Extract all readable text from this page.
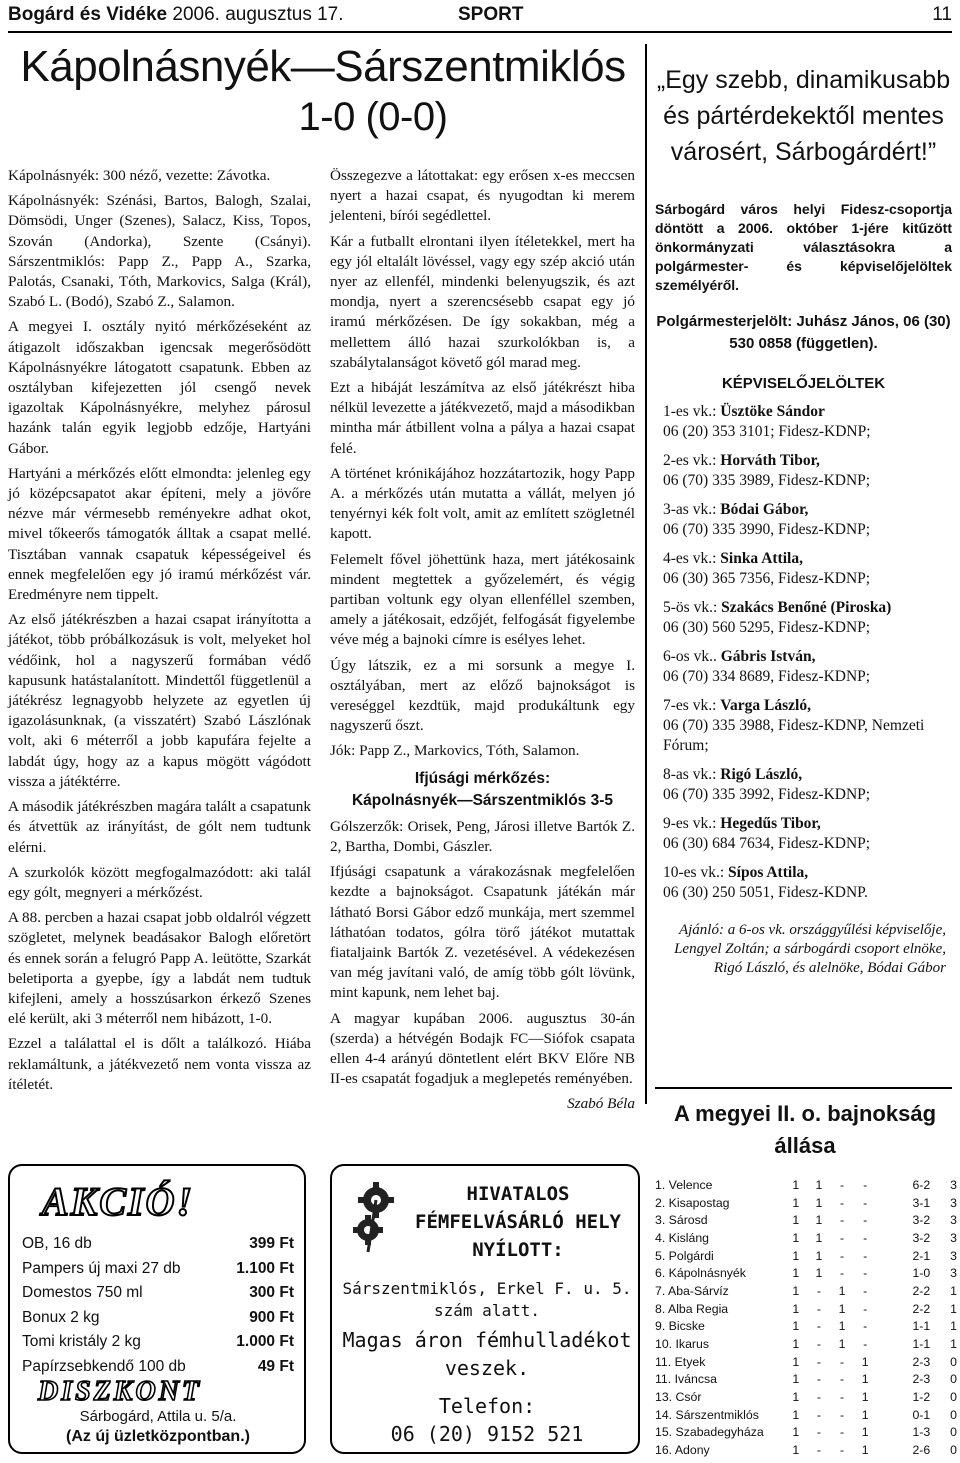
Bogárd és Vidéke 2006. augusztus 17.	SPORT	11
Kápolnásnyék—Sárszentmiklós
1-0 (0-0)

Kápolnásnyék: 300 néző, vezette: Závotka.

Kápolnásnyék: Szénási, Bartos, Balogh, Szalai, Dömsödi, Unger (Szenes), Salacz, Kiss, Topos, Szován (Andorka), Szente (Csányi). Sárszentmiklós: Papp Z., Papp A., Szarka, Palotás, Csanaki, Tóth, Markovics, Salga (Král), Szabó L. (Bodó), Szabó Z., Salamon.

A megyei I. osztály nyitó mérkőzéseként az átigazolt időszakban igencsak megerősödött Kápolnásnyékre látogatott csapatunk. Ebben az osztályban kifejezetten jól csengő nevek igazoltak Kápolnásnyékre, melyhez párosul hazánk talán egyik legjobb edzője, Hartyáni Gábor.

Hartyáni a mérkőzés előtt elmondta: jelenleg egy jó középcsapatot akar építeni, mely a jövőre nézve már vérmesebb reményekre adhat okot, mivel tőkeerős támogatók álltak a csapat mellé. Tisztában vannak csapatuk képességeivel és ennek megfelelően egy jó iramú mérkőzést vár. Eredményre nem tippelt.

Az első játékrészben a hazai csapat irányította a játékot, több próbálkozásuk is volt, melyeket hol védőink, hol a nagyszerű formában védő kapusunk hatástalanított. Mindettől függetlenül a játékrész legnagyobb helyzete az egyetlen új igazolásunknak, (a visszatért) Szabó Lászlónak volt, aki 6 méterről a jobb kapufára fejelte a labdát úgy, hogy az a kapus mögött vágódott vissza a játéktérre.

A második játékrészben magára talált a csapatunk és átvettük az irányítást, de gólt nem tudtunk elérni.

A szurkolók között megfogalmazódott: aki talál egy gólt, megnyeri a mérkőzést.

A 88. percben a hazai csapat jobb oldalról végzett szögletet, melynek beadásakor Balogh előretört és ennek során a felugró Papp A. leütötte, Szarkát beletiporta a gyepbe, így a labdát nem tudtuk kifejleni, amely a hosszúsarkon érkező Szenes elé került, aki 3 méterről nem hibázott, 1-0.

Ezzel a találattal el is dőlt a találkozó. Hiába reklamáltunk, a játékvezető nem vonta vissza az ítéletét.

Összegezve a látottakat: egy erősen x-es meccsen nyert a hazai csapat, és nyugodtan ki merem jelenteni, bírói segédlettel.

Kár a futballt elrontani ilyen ítéletekkel, mert ha egy jól eltalált lövéssel, vagy egy szép akció után nyer az ellenfél, mindenki belenyugszik, és azt mondja, nyert a szerencsésebb csapat egy jó iramú mérkőzésen. De így sokakban, még a mellettem álló hazai szurkolókban is, a szabálytalanságot követő gól marad meg.

Ezt a hibáját leszámítva az első játékrészt hiba nélkül levezette a játékvezető, majd a másodikban mintha már átbillent volna a pálya a hazai csapat felé.

A történet krónikájához hozzátartozik, hogy Papp A. a mérkőzés után mutatta a vállát, melyen jó tenyérnyi kék folt volt, amit az említett szögletnél kapott.

Felemelt fővel jöhettünk haza, mert játékosaink mindent megtettek a győzelemért, és végig partiban voltunk egy olyan ellenféllel szemben, amely a játékosait, edzőjét, felfogását figyelembe véve még a bajnoki címre is esélyes lehet.

Úgy látszik, ez a mi sorsunk a megye I. osztályában, mert az előző bajnokságot is vereséggel kezdtük, majd produkáltunk egy nagyszerű őszt.

Jók: Papp Z., Markovics, Tóth, Salamon.

Ifjúsági mérkőzés:
Kápolnásnyék—Sárszentmiklós 3-5

Gólszerzők: Orisek, Peng, Járosi illetve Bartók Z. 2, Bartha, Dombi, Gászler.

Ifjúsági csapatunk a várakozásnak megfelelően kezdte a bajnokságot. Csapatunk játékán már látható Borsi Gábor edző munkája, mert szemmel láthatóan todatos, gólra törő játékot mutattak fiataljaink Bartók Z. vezetésével. A védekezésen van még javítani való, de amíg több gólt lövünk, mint kapunk, nem lehet baj.

A magyar kupában 2006. augusztus 30-án (szerda) a hétvégén Bodajk FC—Siófok csapata ellen 4-4 arányú döntetlent elért BKV Előre NB II-es csapatát fogadjuk a meglepetés reményében.

Szabó Béla

„Egy szebb, dinamikusabb és pártérdekektől mentes városért, Sárbogárdért!”
Sárbogárd város helyi Fidesz-csoportja döntött a 2006. október 1-jére kitűzött önkormányzati választásokra a polgármester- és képviselőjelöltek személyéről.
Polgármesterjelölt: Juhász János, 06 (30) 530 0858 (független).
KÉPVISELŐJELÖLTEK
1-es vk.: Üsztöke Sándor
06 (20) 353 3101; Fidesz-KDNP;
2-es vk.: Horváth Tibor,
06 (70) 335 3989, Fidesz-KDNP;
3-as vk.: Bódai Gábor,
06 (70) 335 3990, Fidesz-KDNP;
4-es vk.: Sinka Attila,
06 (30) 365 7356, Fidesz-KDNP;
5-ös vk.: Szakács Benőné (Piroska)
06 (30) 560 5295, Fidesz-KDNP;
6-os vk.. Gábris István,
06 (70) 334 8689, Fidesz-KDNP;
7-es vk.: Varga László,
06 (70) 335 3988, Fidesz-KDNP, Nemzeti Fórum;
8-as vk.: Rigó László,
06 (70) 335 3992, Fidesz-KDNP;
9-es vk.: Hegedűs Tibor,
06 (30) 684 7634, Fidesz-KDNP;
10-es vk.: Sípos Attila,
06 (30) 250 5051, Fidesz-KDNP.
Ajánló: a 6-os vk. országgyűlési képviselője, Lengyel Zoltán; a sárbogárdi csoport elnöke, Rigó László, és alelnöke, Bódai Gábor
A megyei II. o. bajnokság állása
1. Velence	1	1	-	-	6-2	3
2. Kisapostag	1	1	-	-	3-1	3
3. Sárosd	1	1	-	-	3-2	3
4. Kisláng	1	1	-	-	3-2	3
5. Polgárdi	1	1	-	-	2-1	3
6. Kápolnásnyék	1	1	-	-	1-0	3
7. Aba-Sárvíz	1	-	1	-	2-2	1
8. Alba Regia	1	-	1	-	2-2	1
9. Bicske	1	-	1	-	1-1	1
10. Ikarus	1	-	1	-	1-1	1
11. Etyek	1	-	-	1	2-3	0
11. Iváncsa	1	-	-	1	2-3	0
13. Csór	1	-	-	1	1-2	0
14. Sárszentmiklós	1	-	-	1	0-1	0
15. Szabadegyháza	1	-	-	1	1-3	0
16. Adony	1	-	-	1	2-6	0
AKCIÓ!
OB, 16 db	399 Ft
Pampers új maxi 27 db	1.100 Ft
Domestos 750 ml	300 Ft
Bonux 2 kg	900 Ft
Tomi kristály 2 kg	1.000 Ft
Papírzsebkendő 100 db	49 Ft
DISZKONT
Sárbogárd, Attila u. 5/a.
(Az új üzletközpontban.)
HIVATALOS FÉMFELVÁSÁRLÓ HELY NYÍLOTT:
Sárszentmiklós, Erkel F. u. 5. szám alatt.
Magas áron fémhulladékot veszek.
Telefon:
06 (20) 9152 521
